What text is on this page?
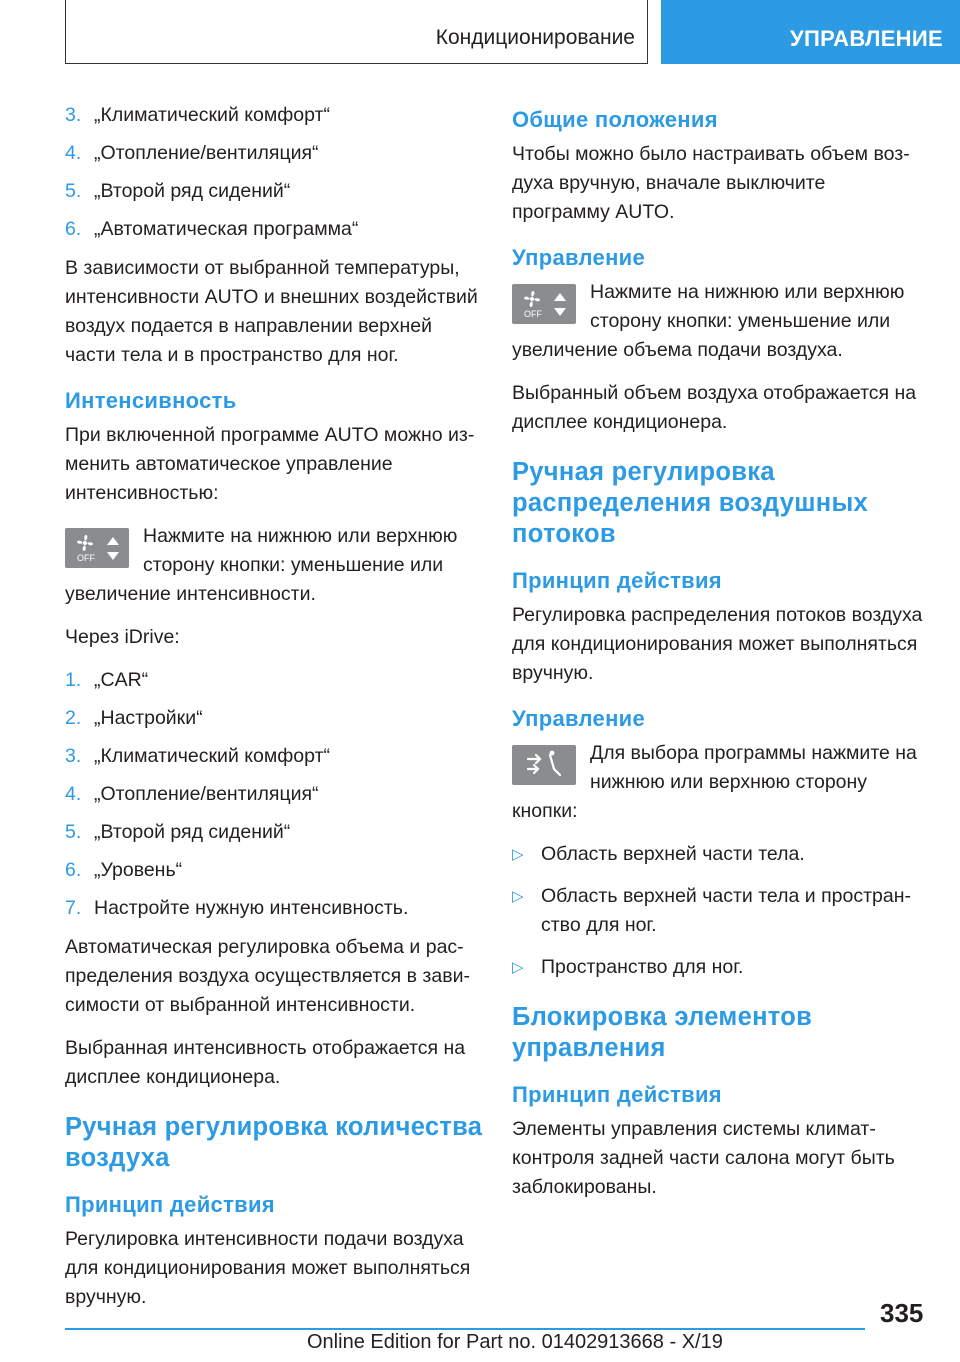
Кондиционирование	УПРАВЛЕНИЕ
3. „Климатический комфорт“
4. „Отопление/вентиляция“
5. „Второй ряд сидений“
6. „Автоматическая программа“

В зависимости от выбранной температуры, интенсивности AUTO и внешних воздействий воздух подается в направлении верхней части тела и в пространство для ног.

Интенсивность

При включенной программе AUTO можно изменить автоматическое управление интенсивностью:

OFF
Нажмите на нижнюю или верхнюю сторону кнопки: уменьшение или увеличение интенсивности.

Через iDrive:

1. „CAR“
2. „Настройки“
3. „Климатический комфорт“
4. „Отопление/вентиляция“
5. „Второй ряд сидений“
6. „Уровень“
7. Настройте нужную интенсивность.

Автоматическая регулировка объема и распределения воздуха осуществляется в зависимости от выбранной интенсивности.

Выбранная интенсивность отображается на дисплее кондиционера.

Ручная регулировка количества воздуха
Принцип действия

Регулировка интенсивности подачи воздуха для кондиционирования может выполняться вручную.

Общие положения

Чтобы можно было настраивать объем воздуха вручную, вначале выключите программу AUTO.

Управление
OFF
Нажмите на нижнюю или верхнюю сторону кнопки: уменьшение или увеличение объема подачи воздуха.

Выбранный объем воздуха отображается на дисплее кондиционера.

Ручная регулировка распределения воздушных потоков
Принцип действия

Регулировка распределения потоков воздуха для кондиционирования может выполняться вручную.

Управление
Для выбора программы нажмите на нижнюю или верхнюю сторону кнопки:
▷ Область верхней части тела.
▷ Область верхней части тела и пространство для ног.
▷ Пространство для ног.
Блокировка элементов управления
Принцип действия

Элементы управления системы климат-контроля задней части салона могут быть заблокированы.

335
Online Edition for Part no. 01402913668 - X/19
